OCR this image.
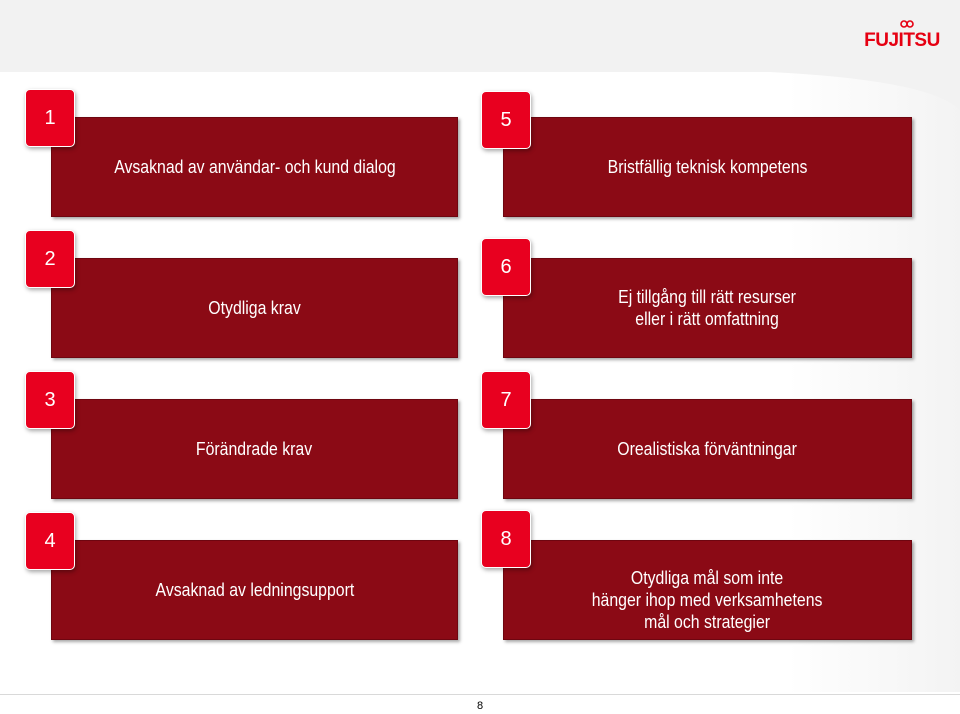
FUJITSU
Avsaknad av användar- och kund dialog
1
Otydliga krav
2
Förändrade krav
3
Avsaknad av ledningsupport
4
Bristfällig teknisk kompetens
5
Ej tillgång till rätt resurser
eller i rätt omfattning
6
Orealistiska förväntningar
7
Otydliga mål som inte
hänger ihop med verksamhetens
mål och strategier
8
8
